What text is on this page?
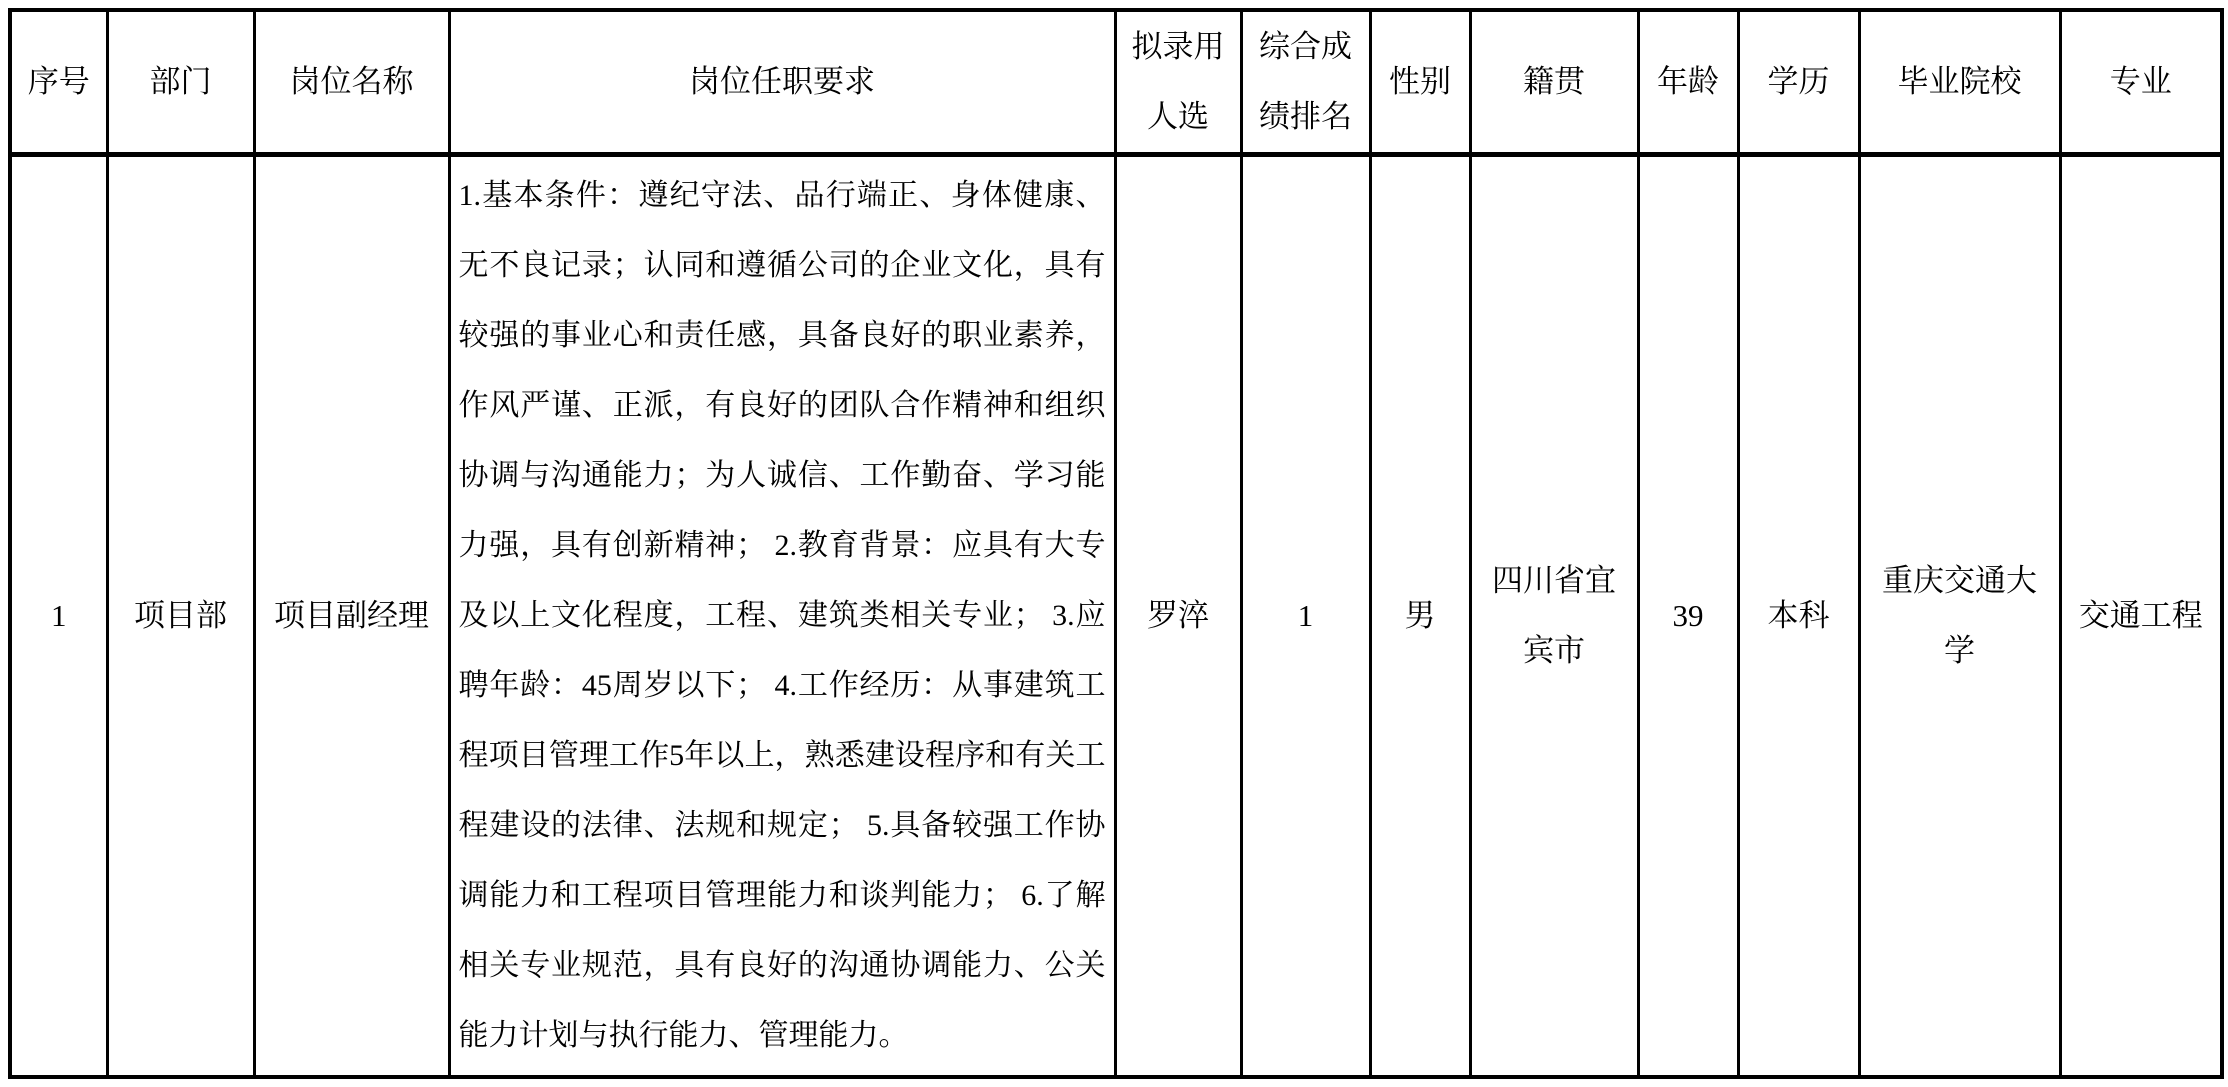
序号	部门	岗位名称	岗位任职要求	拟录用人选	综合成绩排名	性别	籍贯	年龄	学历	毕业院校	专业
1	项目部	项目副经理	1.基本条件：遵纪守法、品行端正、身体健康、无不良记录；认同和遵循公司的企业文化，具有较强的事业心和责任感，具备良好的职业素养，作风严谨、正派，有良好的团队合作精神和组织协调与沟通能力；为人诚信、工作勤奋、学习能力强，具有创新精神； 2.教育背景：应具有大专及以上文化程度，工程、建筑类相关专业； 3.应聘年龄：45周岁以下； 4.工作经历：从事建筑工程项目管理工作5年以上，熟悉建设程序和有关工程建设的法律、法规和规定； 5.具备较强工作协调能力和工程项目管理能力和谈判能力； 6.了解相关专业规范，具有良好的沟通协调能力、公关能力计划与执行能力、管理能力。	罗淬	1	男	四川省宜宾市	39	本科	重庆交通大学	交通工程
